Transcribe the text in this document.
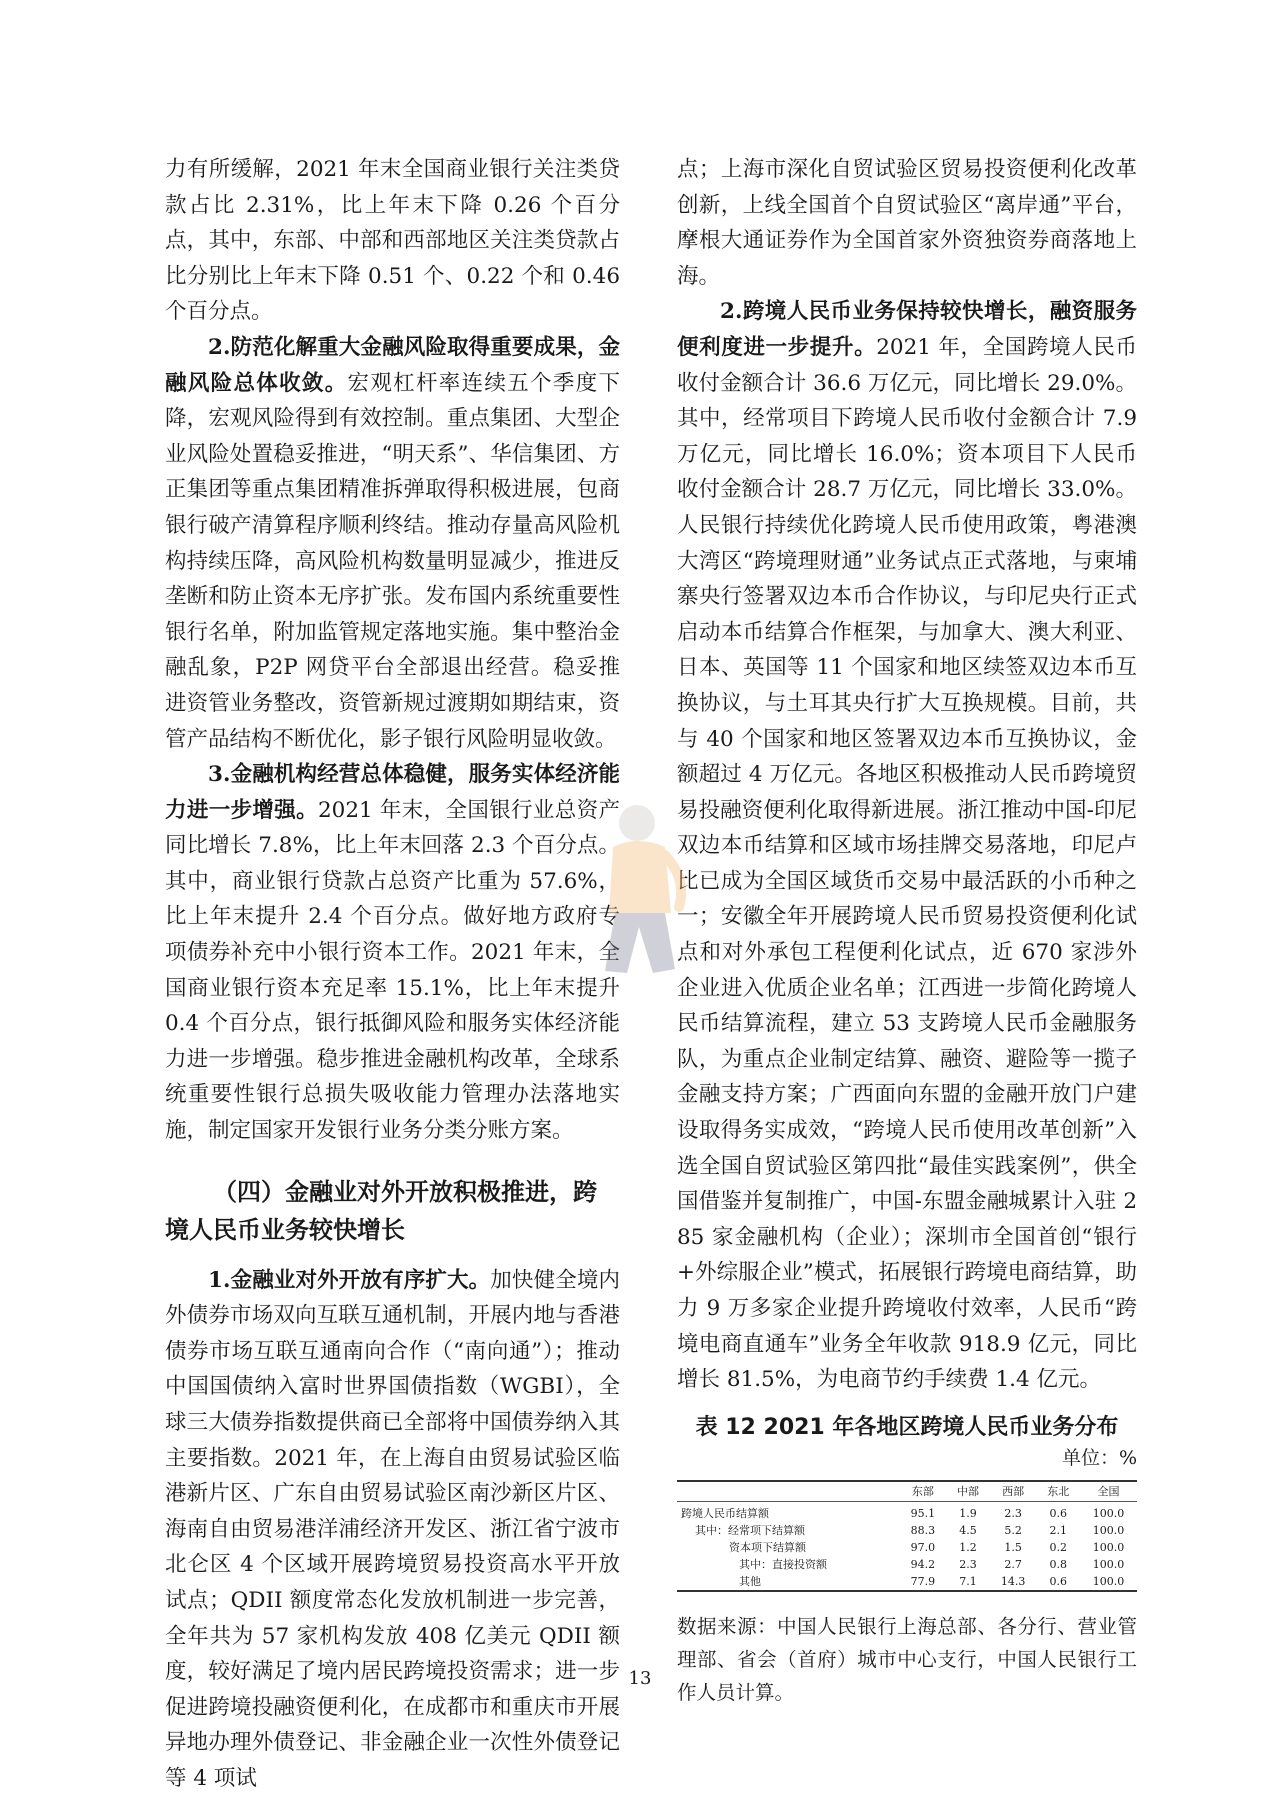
力有所缓解，2021 年末全国商业银行关注类贷款占比 2.31%，比上年末下降 0.26 个百分点，其中，东部、中部和西部地区关注类贷款占比分别比上年末下降 0.51 个、0.22 个和 0.46 个百分点。

2.防范化解重大金融风险取得重要成果，金融风险总体收敛。宏观杠杆率连续五个季度下降，宏观风险得到有效控制。重点集团、大型企业风险处置稳妥推进，“明天系”、华信集团、方正集团等重点集团精准拆弹取得积极进展，包商银行破产清算程序顺利终结。推动存量高风险机构持续压降，高风险机构数量明显减少，推进反垄断和防止资本无序扩张。发布国内系统重要性银行名单，附加监管规定落地实施。集中整治金融乱象，P2P 网贷平台全部退出经营。稳妥推进资管业务整改，资管新规过渡期如期结束，资管产品结构不断优化，影子银行风险明显收敛。

3.金融机构经营总体稳健，服务实体经济能力进一步增强。2021 年末，全国银行业总资产同比增长 7.8%，比上年末回落 2.3 个百分点。其中，商业银行贷款占总资产比重为 57.6%，比上年末提升 2.4 个百分点。做好地方政府专项债券补充中小银行资本工作。2021 年末，全国商业银行资本充足率 15.1%，比上年末提升 0.4 个百分点，银行抵御风险和服务实体经济能力进一步增强。稳步推进金融机构改革，全球系统重要性银行总损失吸收能力管理办法落地实施，制定国家开发银行业务分类分账方案。

（四）金融业对外开放积极推进，跨境人民币业务较快增长

1.金融业对外开放有序扩大。加快健全境内外债券市场双向互联互通机制，开展内地与香港债券市场互联互通南向合作（“南向通”）；推动中国国债纳入富时世界国债指数（WGBI），全球三大债券指数提供商已全部将中国债券纳入其主要指数。2021 年，在上海自由贸易试验区临港新片区、广东自由贸易试验区南沙新区片区、海南自由贸易港洋浦经济开发区、浙江省宁波市北仑区 4 个区域开展跨境贸易投资高水平开放试点；QDII 额度常态化发放机制进一步完善，全年共为 57 家机构发放 408 亿美元 QDII 额度，较好满足了境内居民跨境投资需求；进一步促进跨境投融资便利化，在成都市和重庆市开展异地办理外债登记、非金融企业一次性外债登记等 4 项试

点；上海市深化自贸试验区贸易投资便利化改革创新，上线全国首个自贸试验区“离岸通”平台，摩根大通证券作为全国首家外资独资券商落地上海。

2.跨境人民币业务保持较快增长，融资服务便利度进一步提升。2021 年，全国跨境人民币收付金额合计 36.6 万亿元，同比增长 29.0%。其中，经常项目下跨境人民币收付金额合计 7.9 万亿元，同比增长 16.0%；资本项目下人民币收付金额合计 28.7 万亿元，同比增长 33.0%。人民银行持续优化跨境人民币使用政策，粤港澳大湾区“跨境理财通”业务试点正式落地，与柬埔寨央行签署双边本币合作协议，与印尼央行正式启动本币结算合作框架，与加拿大、澳大利亚、日本、英国等 11 个国家和地区续签双边本币互换协议，与土耳其央行扩大互换规模。目前，共与 40 个国家和地区签署双边本币互换协议，金额超过 4 万亿元。各地区积极推动人民币跨境贸易投融资便利化取得新进展。浙江推动中国-印尼双边本币结算和区域市场挂牌交易落地，印尼卢比已成为全国区域货币交易中最活跃的小币种之一；安徽全年开展跨境人民币贸易投资便利化试点和对外承包工程便利化试点，近 670 家涉外企业进入优质企业名单；江西进一步简化跨境人民币结算流程，建立 53 支跨境人民币金融服务队，为重点企业制定结算、融资、避险等一揽子金融支持方案；广西面向东盟的金融开放门户建设取得务实成效，“跨境人民币使用改革创新”入选全国自贸试验区第四批“最佳实践案例”，供全国借鉴并复制推广，中国-东盟金融城累计入驻 285 家金融机构（企业）；深圳市全国首创“银行+外综服企业”模式，拓展银行跨境电商结算，助力 9 万多家企业提升跨境收付效率，人民币“跨境电商直通车”业务全年收款 918.9 亿元，同比增长 81.5%，为电商节约手续费 1.4 亿元。

表 12 2021 年各地区跨境人民币业务分布
单位：%
	东部	中部	西部	东北	全国
跨境人民币结算额	95.1	1.9	2.3	0.6	100.0
其中：经常项下结算额	88.3	4.5	5.2	2.1	100.0
资本项下结算额	97.0	1.2	1.5	0.2	100.0
其中：直接投资额	94.2	2.3	2.7	0.8	100.0
其他	77.9	7.1	14.3	0.6	100.0
数据来源：中国人民银行上海总部、各分行、营业管理部、省会（首府）城市中心支行，中国人民银行工作人员计算。
13
